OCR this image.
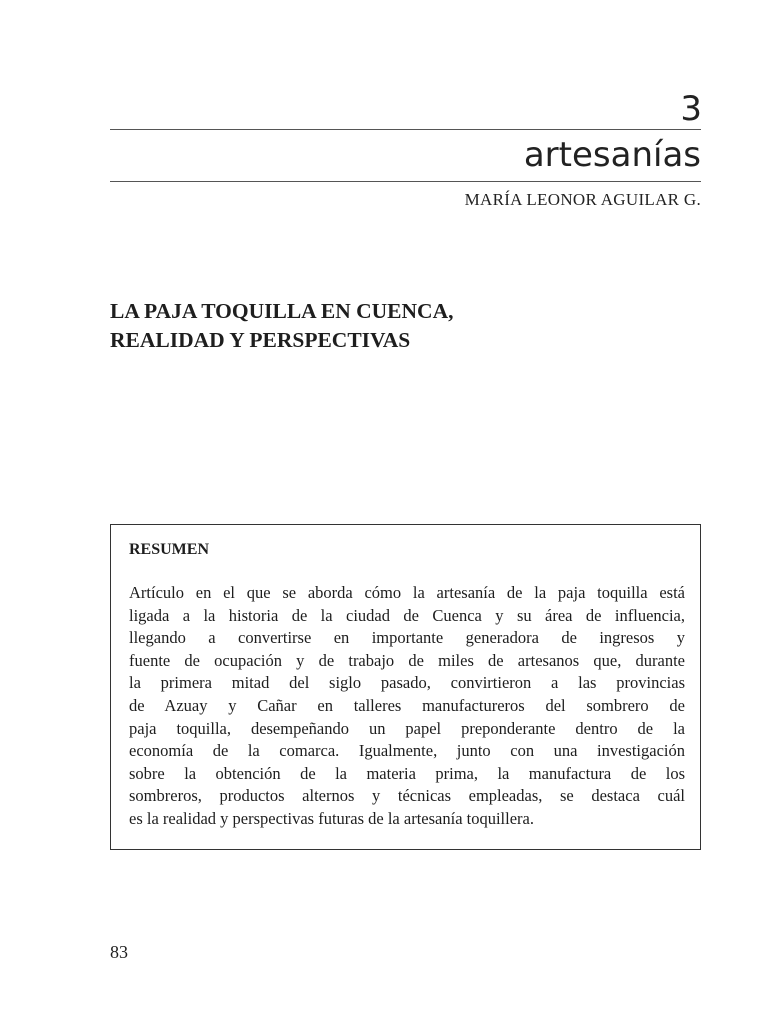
3
artesanías
MARÍA LEONOR AGUILAR G.
LA PAJA TOQUILLA EN CUENCA,
REALIDAD Y PERSPECTIVAS
RESUMEN
Artículo en el que se aborda cómo la artesanía de la paja toquilla está
ligada a la historia de la ciudad de Cuenca y su área de influencia,
llegando a convertirse en importante generadora de ingresos y
fuente de ocupación y de trabajo de miles de artesanos que, durante
la primera mitad del siglo pasado, convirtieron a las provincias
de Azuay y Cañar en talleres manufactureros del sombrero de
paja toquilla, desempeñando un papel preponderante dentro de la
economía de la comarca. Igualmente, junto con una investigación
sobre la obtención de la materia prima, la manufactura de los
sombreros, productos alternos y técnicas empleadas, se destaca cuál
es la realidad y perspectivas futuras de la artesanía toquillera.
83
